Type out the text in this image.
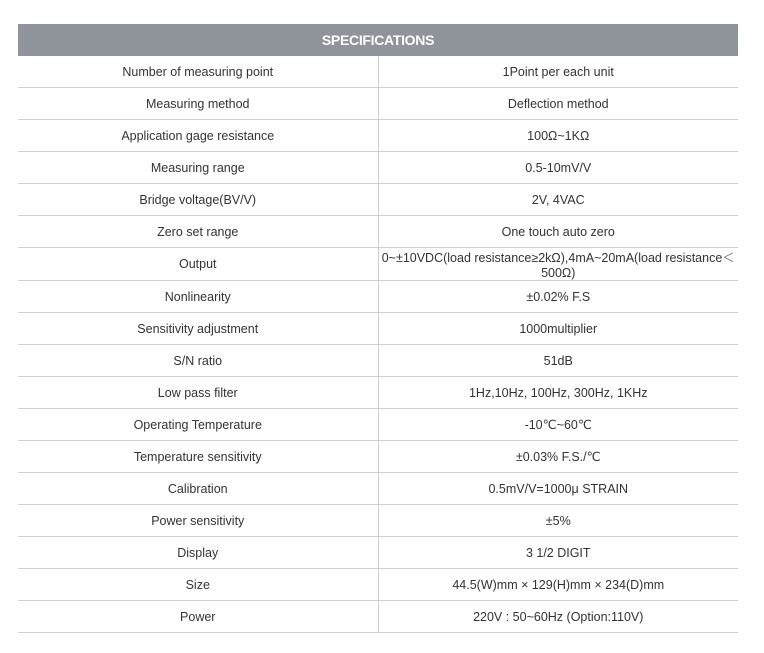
SPECIFICATIONS	
Number of measuring point	1Point per each unit
Measuring method	Deflection method
Application gage resistance	100Ω~1KΩ
Measuring range	0.5-10mV/V
Bridge voltage(BV/V)	2V, 4VAC
Zero set range	One touch auto zero
Output	0~±10VDC(load resistance≥2kΩ),4mA~20mA(load resistance＜500Ω)
Nonlinearity	±0.02% F.S
Sensitivity adjustment	1000multiplier
S/N ratio	51dB
Low pass filter	1Hz,10Hz, 100Hz, 300Hz, 1KHz
Operating Temperature	-10℃~60℃
Temperature sensitivity	±0.03% F.S./℃
Calibration	0.5mV/V=1000μ STRAIN
Power sensitivity	±5%
Display	3 1/2 DIGIT
Size	44.5(W)mm × 129(H)mm × 234(D)mm
Power	220V : 50~60Hz (Option:110V)
